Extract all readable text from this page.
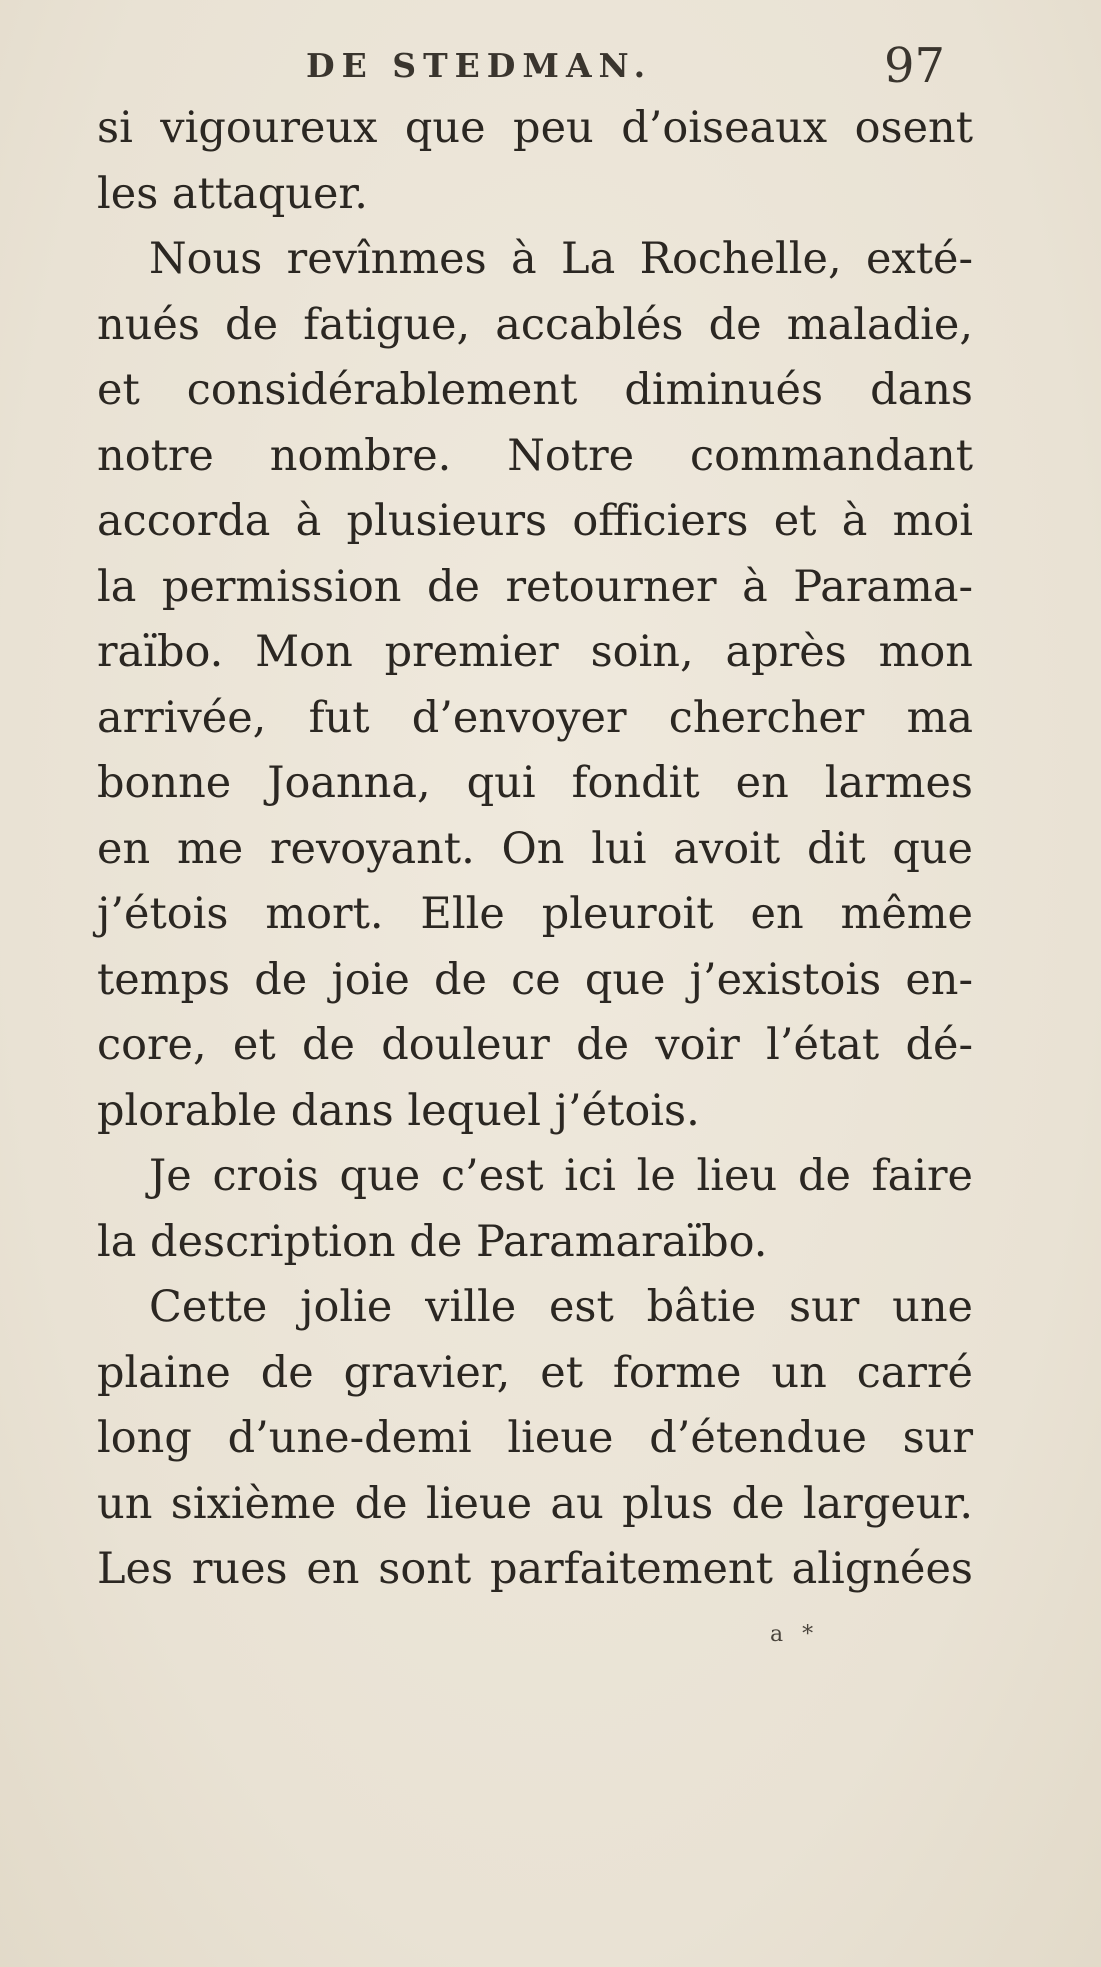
DE STEDMAN.	97
si vigoureux que peu d’oiseaux osent
les attaquer.
Nous revînmes à La Rochelle, exté-
nués de fatigue, accablés de maladie,
et considérablement diminués dans
notre nombre. Notre commandant
accorda à plusieurs officiers et à moi
la permission de retourner à Parama-
raïbo. Mon premier soin, après mon
arrivée, fut d’envoyer chercher ma
bonne Joanna, qui fondit en larmes
en me revoyant. On lui avoit dit que
j’étois mort. Elle pleuroit en même
temps de joie de ce que j’existois en-
core, et de douleur de voir l’état dé-
plorable dans lequel j’étois.
Je crois que c’est ici le lieu de faire
la description de Paramaraïbo.
Cette jolie ville est bâtie sur une
plaine de gravier, et forme un carré
long d’une-demi lieue d’étendue sur
un sixième de lieue au plus de largeur.
Les rues en sont parfaitement alignées
a *
